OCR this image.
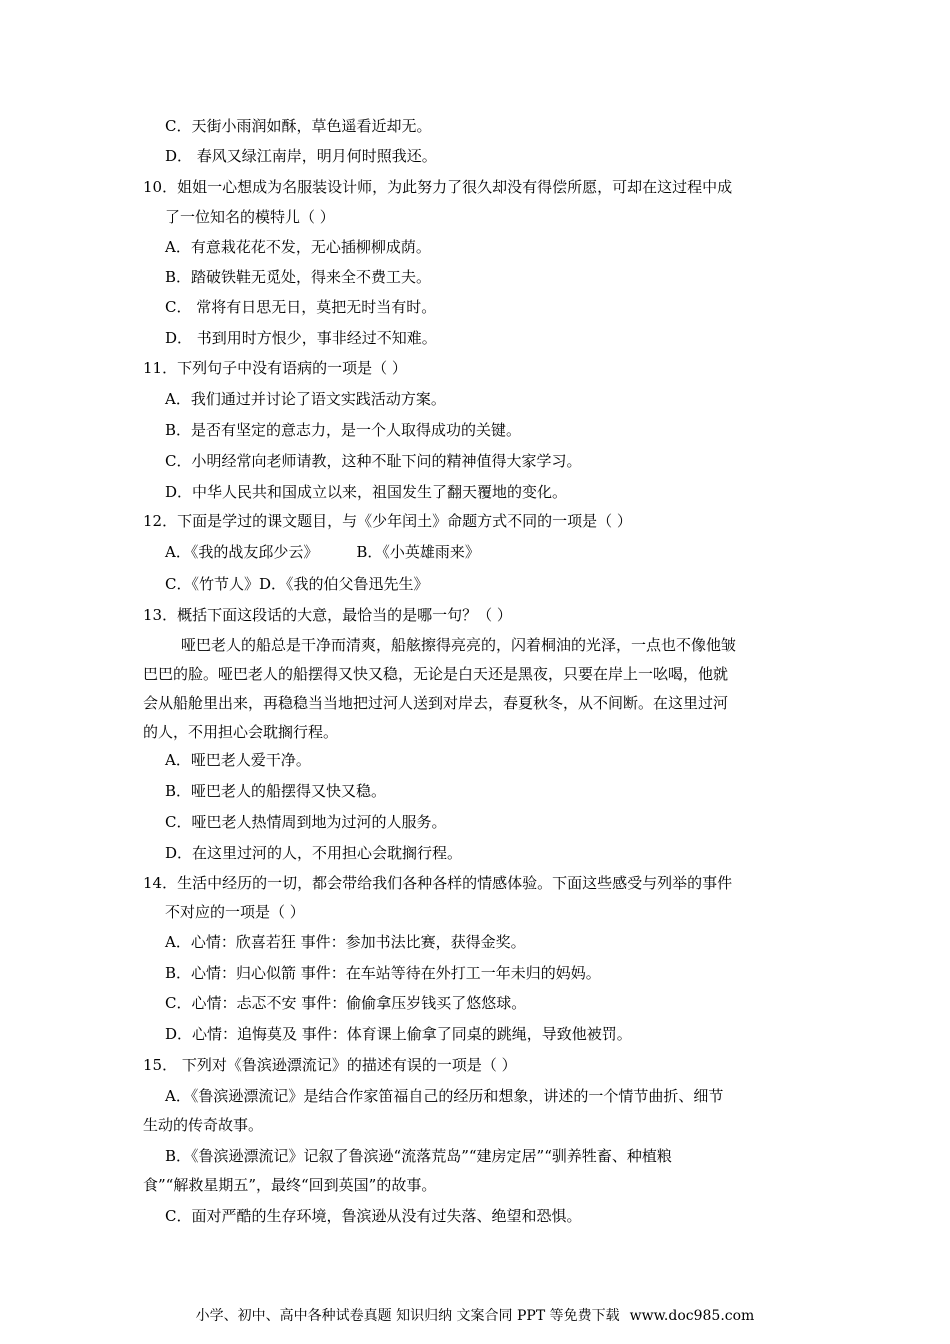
C．天街小雨润如酥，草色遥看近却无。
D． 春风又绿江南岸，明月何时照我还。
10．姐姐一心想成为名服装设计师，为此努力了很久却没有得偿所愿，可却在这过程中成
了一位知名的模特儿（ ）
A．有意栽花花不发，无心插柳柳成荫。
B．踏破铁鞋无觅处，得来全不费工夫。
C． 常将有日思无日，莫把无时当有时。
D． 书到用时方恨少，事非经过不知难。
11．下列句子中没有语病的一项是（ ）
A．我们通过并讨论了语文实践活动方案。
B．是否有坚定的意志力，是一个人取得成功的关键。
C．小明经常向老师请教，这种不耻下问的精神值得大家学习。
D．中华人民共和国成立以来，祖国发生了翻天覆地的变化。
12．下面是学过的课文题目，与《少年闰土》命题方式不同的一项是（ ）
A．《我的战友邱少云》	B．《小英雄雨来》
C．《竹节人》D．《我的伯父鲁迅先生》
13．概括下面这段话的大意，最恰当的是哪一句？（ ）
哑巴老人的船总是干净而清爽，船舷擦得亮亮的，闪着桐油的光泽，一点也不像他皱
巴巴的脸。哑巴老人的船摆得又快又稳，无论是白天还是黑夜，只要在岸上一吆喝，他就
会从船舱里出来，再稳稳当当地把过河人送到对岸去，春夏秋冬，从不间断。在这里过河
的人，不用担心会耽搁行程。
A．哑巴老人爱干净。
B．哑巴老人的船摆得又快又稳。
C．哑巴老人热情周到地为过河的人服务。
D．在这里过河的人，不用担心会耽搁行程。
14．生活中经历的一切，都会带给我们各种各样的情感体验。下面这些感受与列举的事件
不对应的一项是（ ）
A．心情：欣喜若狂 事件：参加书法比赛，获得金奖。
B．心情：归心似箭 事件：在车站等待在外打工一年未归的妈妈。
C．心情：忐忑不安 事件：偷偷拿压岁钱买了悠悠球。
D．心情：追悔莫及 事件：体育课上偷拿了同桌的跳绳，导致他被罚。
15． 下列对《鲁滨逊漂流记》的描述有误的一项是（ ）
A．《鲁滨逊漂流记》是结合作家笛福自己的经历和想象，讲述的一个情节曲折、细节
生动的传奇故事。
B．《鲁滨逊漂流记》记叙了鲁滨逊“流落荒岛”“建房定居”“驯养牲畜、种植粮
食”“解救星期五”，最终“回到英国”的故事。
C．面对严酷的生存环境，鲁滨逊从没有过失落、绝望和恐惧。
小学、初中、高中各种试卷真题 知识归纳 文案合同 PPT 等免费下载 www.doc985.com
